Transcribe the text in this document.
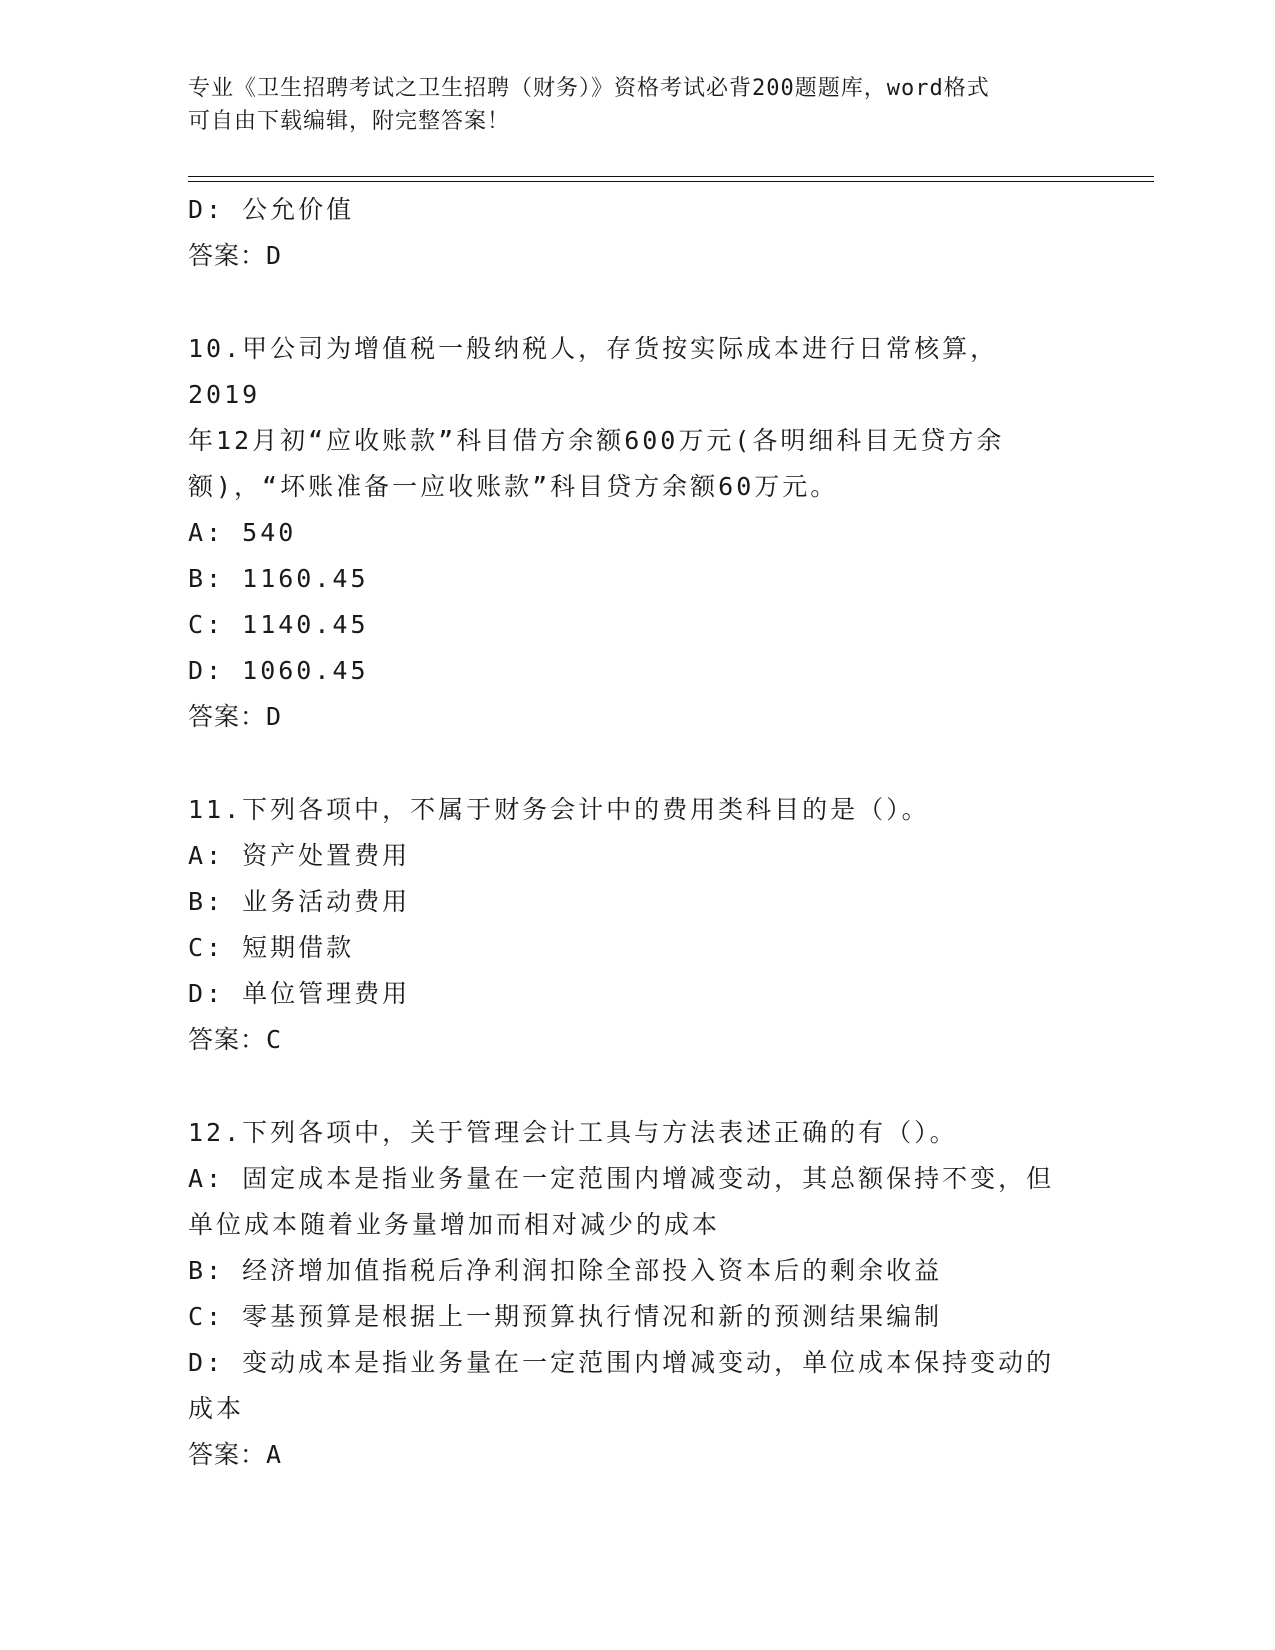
专业《卫生招聘考试之卫生招聘（财务）》资格考试必背200题题库，word格式
可自由下载编辑，附完整答案！
D: 公允价值
答案：D
10.甲公司为增值税一般纳税人，存货按实际成本进行日常核算，2019
年12月初“应收账款”科目借方余额600万元(各明细科目无贷方余
额)，“坏账准备一应收账款”科目贷方余额60万元。
A: 540
B: 1160.45
C: 1140.45
D: 1060.45
答案：D
11.下列各项中，不属于财务会计中的费用类科目的是（）。
A: 资产处置费用
B: 业务活动费用
C: 短期借款
D: 单位管理费用
答案：C
12.下列各项中，关于管理会计工具与方法表述正确的有（）。
A: 固定成本是指业务量在一定范围内增减变动，其总额保持不变，但
单位成本随着业务量增加而相对减少的成本
B: 经济增加值指税后净利润扣除全部投入资本后的剩余收益
C: 零基预算是根据上一期预算执行情况和新的预测结果编制
D: 变动成本是指业务量在一定范围内增减变动，单位成本保持变动的
成本
答案：A
